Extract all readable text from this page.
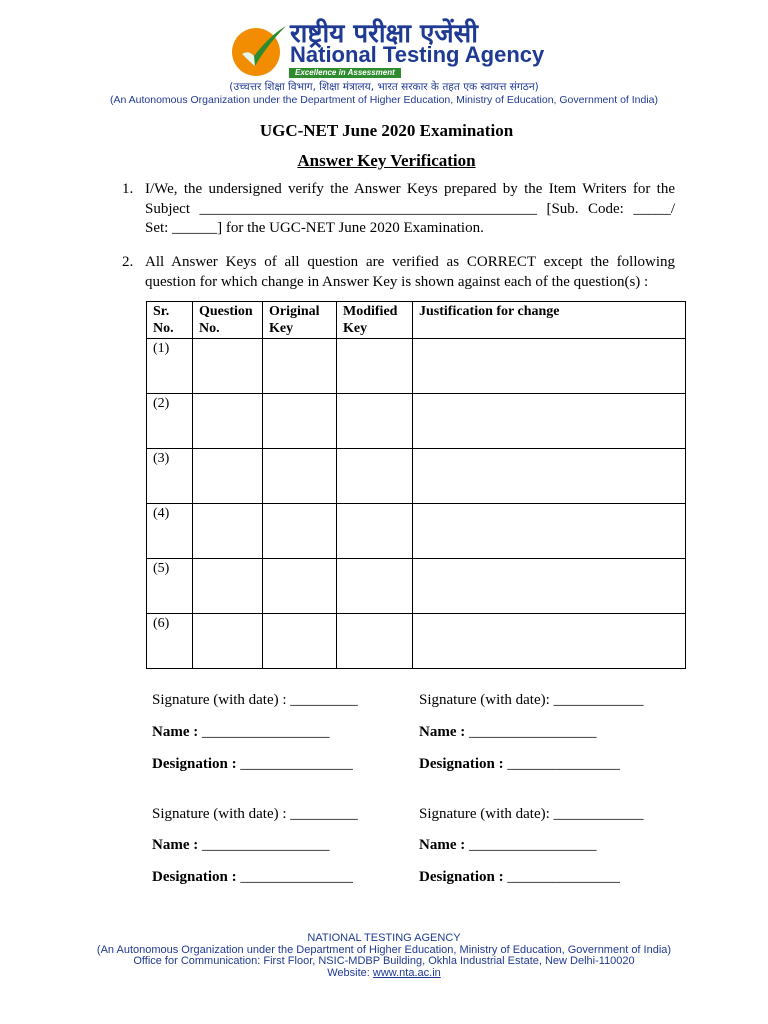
राष्ट्रीय परीक्षा एजेंसी
National Testing Agency
Excellence in Assessment
(उच्चत्तर शिक्षा विभाग, शिक्षा मंत्रालय, भारत सरकार के तहत एक स्वायत्त संगठन)
(An Autonomous Organization under the Department of Higher Education, Ministry of Education, Government of India)
UGC-NET June 2020 Examination
Answer Key Verification
1. I/We, the undersigned verify the Answer Keys prepared by the Item Writers for the Subject _____________________________________________ [Sub. Code: _____/ Set: ______] for the UGC-NET June 2020 Examination.
2. All Answer Keys of all question are verified as CORRECT except the following question for which change in Answer Key is shown against each of the question(s) :
Sr. No.	Question No.	Original Key	Modified Key	Justification for change
(1)				
(2)				
(3)				
(4)				
(5)				
(6)				
Signature (with date) : _________	Signature (with date): ____________
Name : _________________	Name : _________________
Designation : _______________	Designation : _______________
Signature (with date) : _________	Signature (with date): ____________
Name : _________________	Name : _________________
Designation : _______________	Designation : _______________
NATIONAL TESTING AGENCY
(An Autonomous Organization under the Department of Higher Education, Ministry of Education, Government of India)
Office for Communication: First Floor, NSIC-MDBP Building, Okhla Industrial Estate, New Delhi-110020
Website: www.nta.ac.in
